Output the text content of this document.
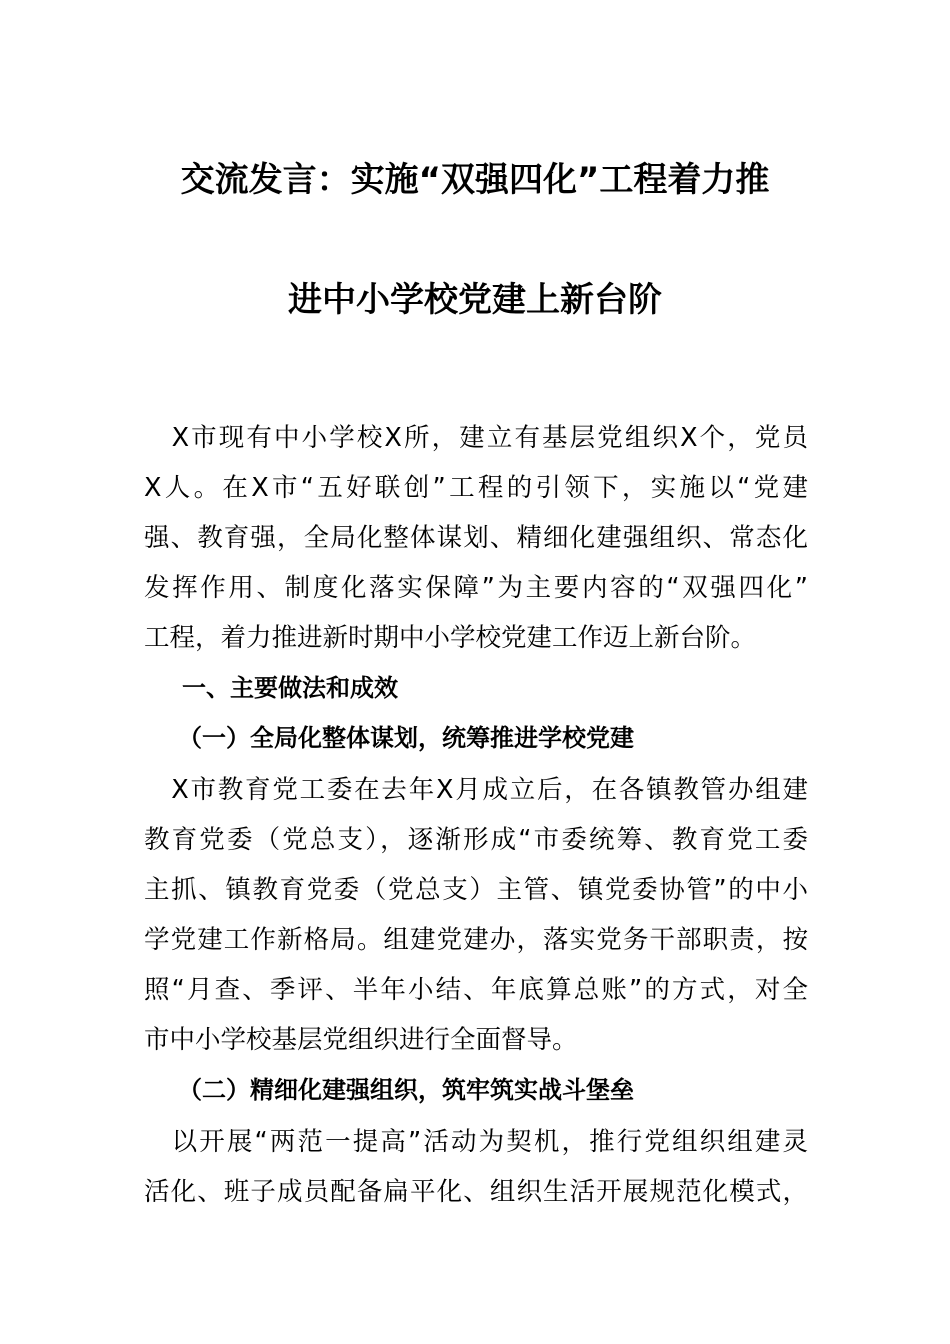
交流发言：实施“双强四化”工程着力推
进中小学校党建上新台阶
　X市现有中小学校X所，建立有基层党组织X个，党员
X人。在X市“五好联创”工程的引领下，实施以“党建
强、教育强，全局化整体谋划、精细化建强组织、常态化
发挥作用、制度化落实保障”为主要内容的“双强四化”
工程，着力推进新时期中小学校党建工作迈上新台阶。
一、主要做法和成效
（一）全局化整体谋划，统筹推进学校党建
　X市教育党工委在去年X月成立后，在各镇教管办组建
教育党委（党总支），逐渐形成“市委统筹、教育党工委
主抓、镇教育党委（党总支）主管、镇党委协管”的中小
学党建工作新格局。组建党建办，落实党务干部职责，按
照“月查、季评、半年小结、年底算总账”的方式，对全
市中小学校基层党组织进行全面督导。
（二）精细化建强组织，筑牢筑实战斗堡垒
　以开展“两范一提高”活动为契机，推行党组织组建灵
活化、班子成员配备扁平化、组织生活开展规范化模式，
